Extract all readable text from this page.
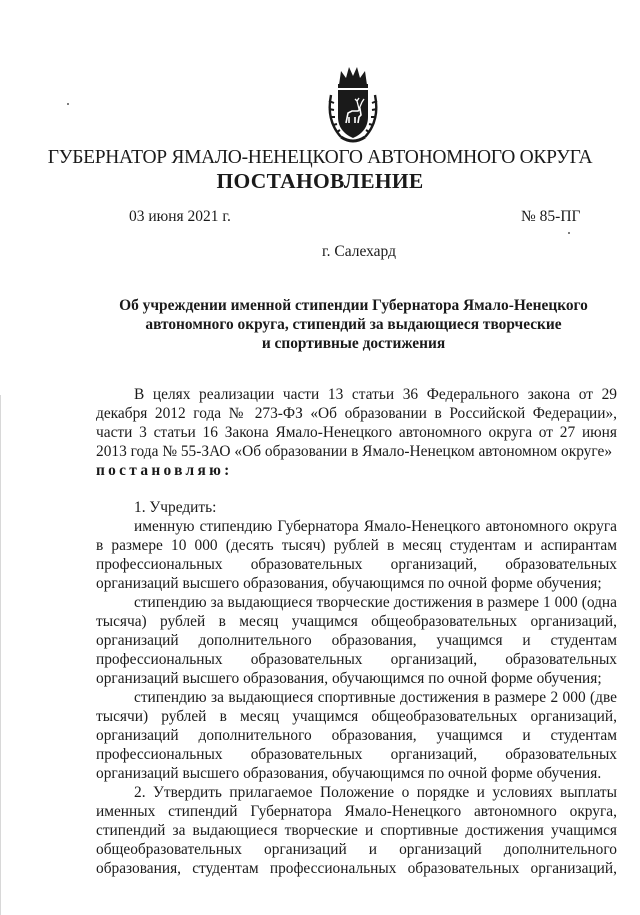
ГУБЕРНАТОР ЯМАЛО-НЕНЕЦКОГО АВТОНОМНОГО ОКРУГА
ПОСТАНОВЛЕНИЕ
03 июня 2021 г.	№ 85-ПГ
г. Салехард
Об учреждении именной стипендии Губернатора Ямало-Ненецкого
автономного округа, стипендий за выдающиеся творческие
и спортивные достижения

В целях реализации части 13 статьи 36 Федерального закона от 29 декабря 2012 года № 273-ФЗ «Об образовании в Российской Федерации», части 3 статьи 16 Закона Ямало-Ненецкого автономного округа от 27 июня 2013 года № 55-ЗАО «Об образовании в Ямало-Ненецком автономном округе»

постановляю:

1. Учредить:

именную стипендию Губернатора Ямало-Ненецкого автономного округа в размере 10 000 (десять тысяч) рублей в месяц студентам и аспирантам профессиональных образовательных организаций, образовательных организаций высшего образования, обучающимся по очной форме обучения;

стипендию за выдающиеся творческие достижения в размере 1 000 (одна тысяча) рублей в месяц учащимся общеобразовательных организаций, организаций дополнительного образования, учащимся и студентам профессиональных образовательных организаций, образовательных организаций высшего образования, обучающимся по очной форме обучения;

стипендию за выдающиеся спортивные достижения в размере 2 000 (две тысячи) рублей в месяц учащимся общеобразовательных организаций, организаций дополнительного образования, учащимся и студентам профессиональных образовательных организаций, образовательных организаций высшего образования, обучающимся по очной форме обучения.

2. Утвердить прилагаемое Положение о порядке и условиях выплаты именных стипендий Губернатора Ямало-Ненецкого автономного округа, стипендий за выдающиеся творческие и спортивные достижения учащимся общеобразовательных организаций и организаций дополнительного образования, студентам профессиональных образовательных организаций,
